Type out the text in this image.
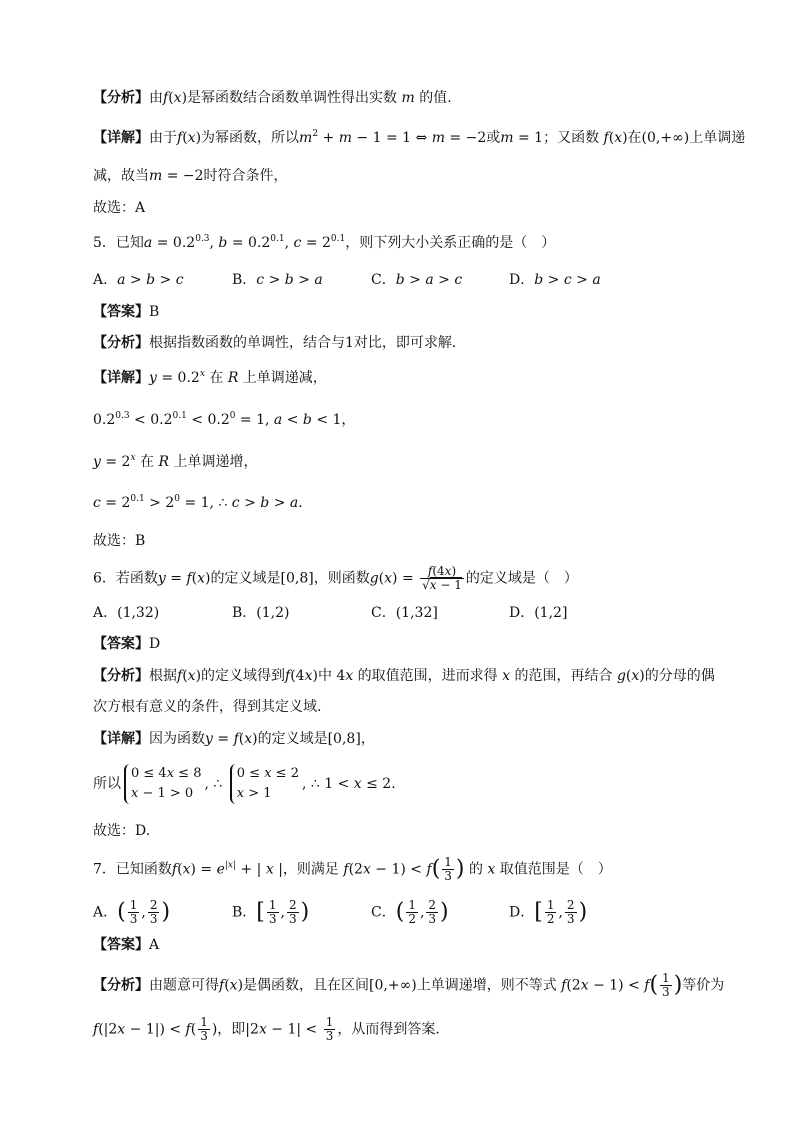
【分析】由f(x)是幂函数结合函数单调性得出实数 m 的值.
【详解】由于f(x)为幂函数，所以$m^2 + m - 1 = 1$ ⇔ m = −2或m = 1；又函数 f(x)在(0,+∞)上单调递
减，故当m = −2时符合条件，
故选：A
5．已知$a = 0.2^{0.3}$, $b = 0.2^{0.1}$, $c = 2^{0.1}$，则下列大小关系正确的是（　）
A．a > b > c	B．c > b > a	C．b > a > c	D．b > c > a
【答案】B
【分析】根据指数函数的单调性，结合与1对比，即可求解．
【详解】$y = 0.2^x$ 在 R 上单调递减，
$0.2^{0.3} < 0.2^{0.1} < 0.2^0 = 1$, a < b < 1，
$y = 2^x$ 在 R 上单调递增，
$c = 2^{0.1} > 2^0 = 1$, ∴ c > b > a．
故选：B
6．若函数y = f(x)的定义域是[0,8]，则函数$g(x) = \frac{f(4x)}{√x - 1}$ 的定义域是（　）
A．(1,32)	B．(1,2)	C．(1,32]	D．(1,2]
【答案】D
【分析】根据f(x)的定义域得到f(4x)中 4x 的取值范围，进而求得 x 的范围，再结合 g(x)的分母的偶
次方根有意义的条件，得到其定义域.
【详解】因为函数y = f(x)的定义域是[0,8]，
所以0 ≤ 4x ≤ 8
x − 1 > 0, ∴ 0 ≤ x ≤ 2
x > 1, ∴ 1 < x ≤ 2.
故选：D.
7．已知函数$f(x) = e^{|x|}$ + | x |，则满足 $f(2x - 1) < f( \frac{1}{3}$ ) 的 x 取值范围是（　）
A．( $\frac{1}{3}$ , $\frac{2}{3}$ )	B．[ $\frac{1}{3}$ , $\frac{2}{3}$ )	C．( $\frac{1}{2}$ , $\frac{2}{3}$ )	D．[ $\frac{1}{2}$ , $\frac{2}{3}$ )
【答案】A
【分析】由题意可得f(x)是偶函数，且在区间[0,+∞)上单调递增，则不等式 $f(2x - 1) < f( \frac{1}{3}$ )等价为
$f(|2x - 1|) < f( \frac{1}{3}$ )，即$|2x - 1| < \frac{1}{3}$ ，从而得到答案.
